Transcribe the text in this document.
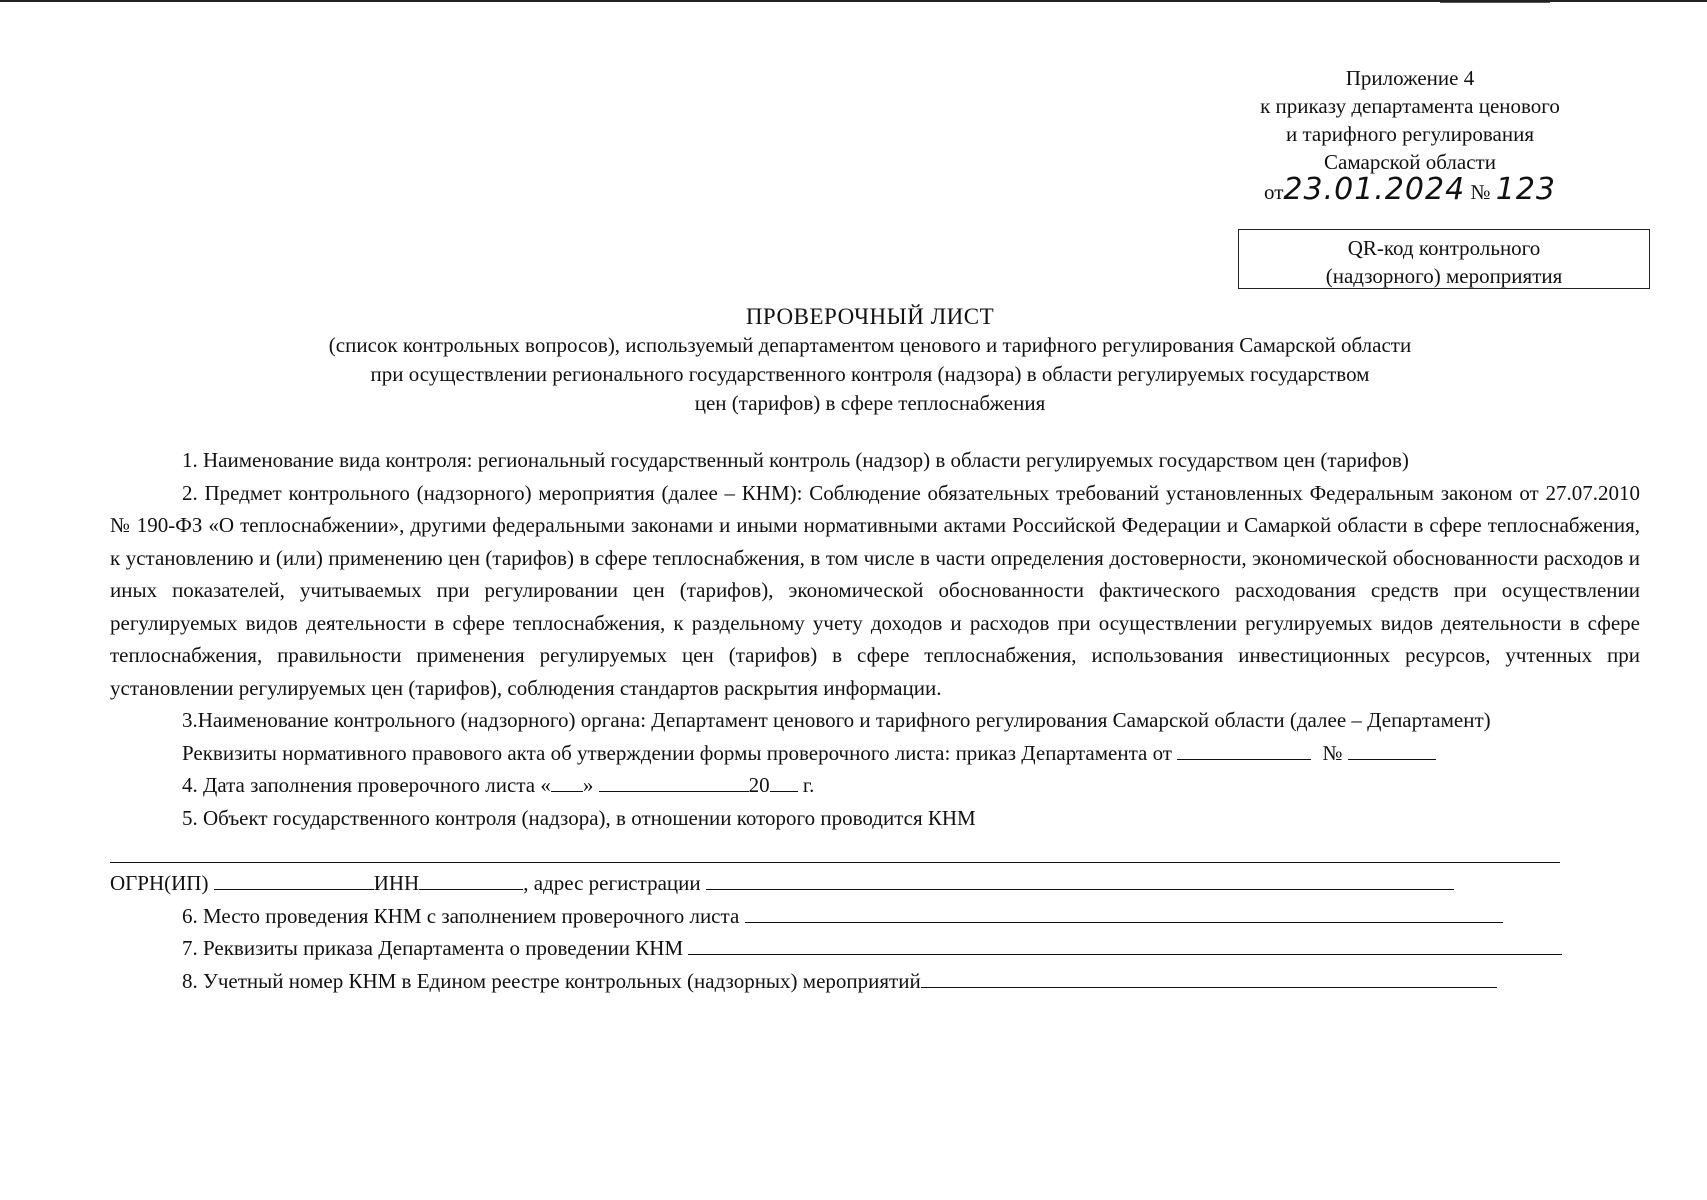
Приложение 4
к приказу департамента ценового
и тарифного регулирования
Самарской области
от23.01.2024 № 123
QR-код контрольного
(надзорного) мероприятия
ПРОВЕРОЧНЫЙ ЛИСТ
(список контрольных вопросов), используемый департаментом ценового и тарифного регулирования Самарской области
при осуществлении регионального государственного контроля (надзора) в области регулируемых государством
цен (тарифов) в сфере теплоснабжения

1. Наименование вида контроля: региональный государственный контроль (надзор) в области регулируемых государством цен (тарифов)

2. Предмет контрольного (надзорного) мероприятия (далее – КНМ): Соблюдение обязательных требований установленных Федеральным законом от 27.07.2010 № 190-ФЗ «О теплоснабжении», другими федеральными законами и иными нормативными актами Российской Федерации и Самаркой области в сфере теплоснабжения, к установлению и (или) применению цен (тарифов) в сфере теплоснабжения, в том числе в части определения достоверности, экономической обоснованности расходов и иных показателей, учитываемых при регулировании цен (тарифов), экономической обоснованности фактического расходования средств при осуществлении регулируемых видов деятельности в сфере теплоснабжения, к раздельному учету доходов и расходов при осуществлении регулируемых видов деятельности в сфере теплоснабжения, правильности применения регулируемых цен (тарифов) в сфере теплоснабжения, использования инвестиционных ресурсов, учтенных при установлении регулируемых цен (тарифов), соблюдения стандартов раскрытия информации.

3.Наименование контрольного (надзорного) органа: Департамент ценового и тарифного регулирования Самарской области (далее – Департамент)

Реквизиты нормативного правового акта об утверждении формы проверочного листа: приказ Департамента от	№

4. Дата заполнения проверочного листа « »	20 г.

5. Объект государственного контроля (надзора), в отношении которого проводится КНМ

ОГРН(ИП)	ИНН	, адрес регистрации

6. Место проведения КНМ с заполнением проверочного листа

7. Реквизиты приказа Департамента о проведении КНМ

8. Учетный номер КНМ в Едином реестре контрольных (надзорных) мероприятий
